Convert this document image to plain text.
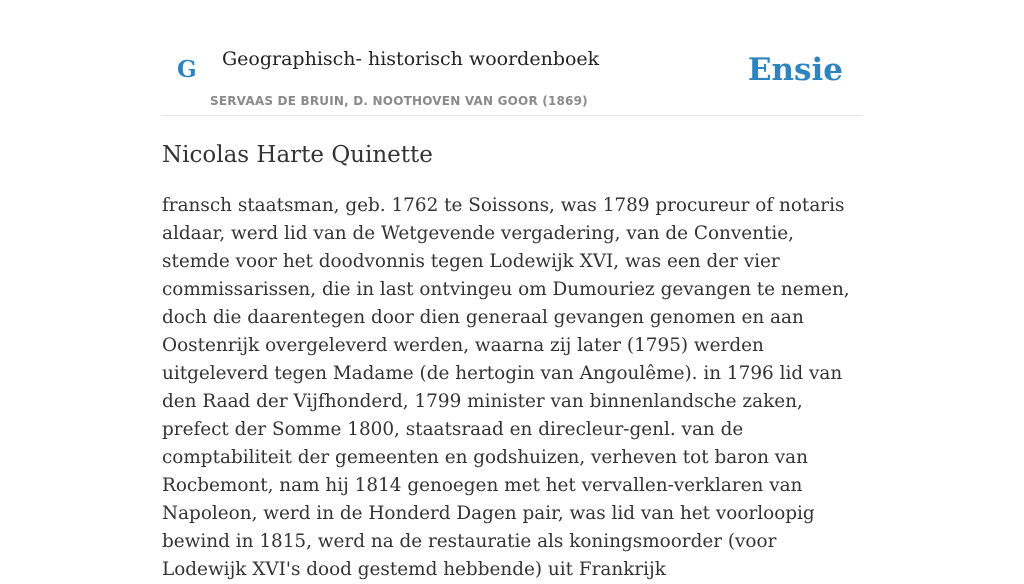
G Geographisch- historisch woordenboek
SERVAAS DE BRUIN, D. NOOTHOVEN VAN GOOR (1869)
Ensie
Nicolas Harte Quinette

fransch staatsman, geb. 1762 te Soissons, was 1789 procureur of notaris aldaar, werd lid van de Wetgevende vergadering, van de Conventie, stemde voor het doodvonnis tegen Lodewijk XVI, was een der vier commissarissen, die in last ontvingeu om Dumouriez gevangen te nemen, doch die daarentegen door dien generaal gevangen genomen en aan Oostenrijk overgeleverd werden, waarna zij later (1795) werden uitgeleverd tegen Madame (de hertogin van Angoulême). in 1796 lid van den Raad der Vijfhonderd, 1799 minister van binnenlandsche zaken, prefect der Somme 1800, staatsraad en direcleur-genl. van de comptabiliteit der gemeenten en godshuizen, verheven tot baron van Rocbemont, nam hij 1814 genoegen met het vervallen-verklaren van Napoleon, werd in de Honderd Dagen pair, was lid van het voorloopig bewind in 1815, werd na de restauratie als koningsmoorder (voor Lodewijk XVI's dood gestemd hebbende) uit Frankrijk
